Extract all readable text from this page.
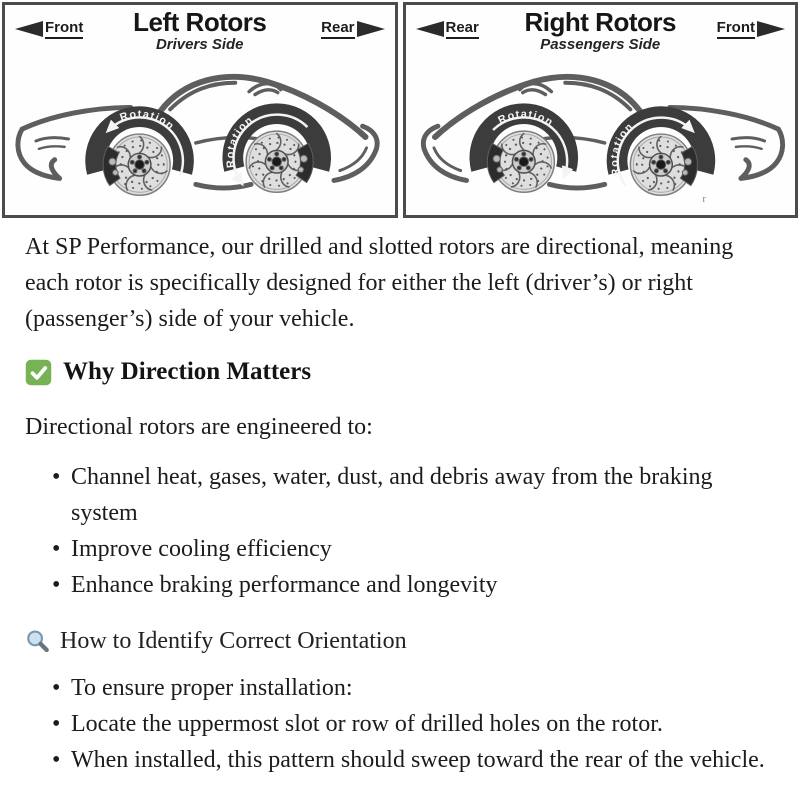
Front	Left Rotors
Drivers Side
Rear
Rotation
Rotation
Rear	Right Rotors
Passengers Side
Front
Rotation
Rotation
r

At SP Performance, our drilled and slotted rotors are directional, meaning each rotor is specifically designed for either the left (driver’s) or right (passenger’s) side of your vehicle.

Why Direction Matters
Directional rotors are engineered to:
• Channel heat, gases, water, dust, and debris away from the braking system
• Improve cooling efficiency
• Enhance braking performance and longevity
How to Identify Correct Orientation
• To ensure proper installation:
• Locate the uppermost slot or row of drilled holes on the rotor.
• When installed, this pattern should sweep toward the rear of the vehicle.
